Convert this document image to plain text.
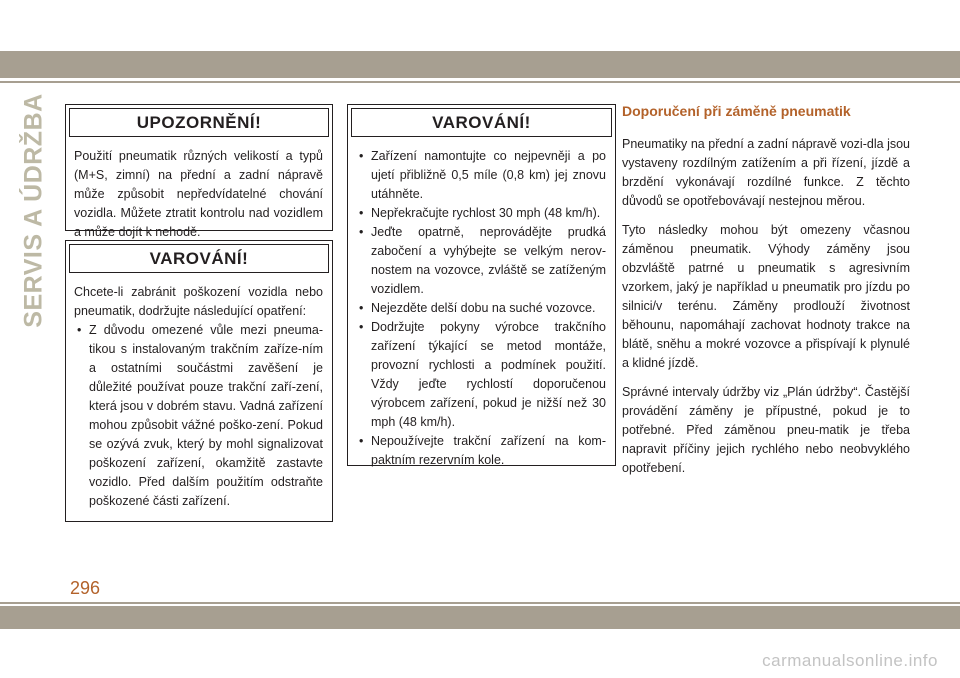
SERVIS A ÚDRŽBA	UPOZORNĚNÍ!

Použití pneumatik různých velikostí a typů (M+S, zimní) na přední a zadní nápravě může způsobit nepředvídatelné chování vozidla. Můžete ztratit kontrolu nad vozidlem a může dojít k nehodě.

VAROVÁNÍ!

Chcete-li zabránit poškození vozidla nebo pneumatik, dodržujte následující opatření:

• Z důvodu omezené vůle mezi pneuma-tikou s instalovaným trakčním zaříze-ním a ostatními součástmi zavěšení je důležité používat pouze trakční zaří-zení, která jsou v dobrém stavu. Vadná zařízení mohou způsobit vážné poško-zení. Pokud se ozývá zvuk, který by mohl signalizovat poškození zařízení, okamžitě zastavte vozidlo. Před dalším použitím odstraňte poškozené části zařízení.
VAROVÁNÍ!
• Zařízení namontujte co nejpevněji a po ujetí přibližně 0,5 míle (0,8 km) jej znovu utáhněte.
• Nepřekračujte rychlost 30 mph (48 km/h).
• Jeďte opatrně, neprovádějte prudká zabočení a vyhýbejte se velkým nerov-nostem na vozovce, zvláště se zatíženým vozidlem.
• Nejezděte delší dobu na suché vozovce.
• Dodržujte pokyny výrobce trakčního zařízení týkající se metod montáže, provozní rychlosti a podmínek použití. Vždy jeďte rychlostí doporučenou výrobcem zařízení, pokud je nižší než 30 mph (48 km/h).
• Nepoužívejte trakční zařízení na kom-paktním rezervním kole.
Doporučení při záměně pneumatik

Pneumatiky na přední a zadní nápravě vozi-dla jsou vystaveny rozdílným zatížením a při řízení, jízdě a brzdění vykonávají rozdílné funkce. Z těchto důvodů se opotřebovávají nestejnou měrou.

Tyto následky mohou být omezeny včasnou záměnou pneumatik. Výhody záměny jsou obzvláště patrné u pneumatik s agresivním vzorkem, jaký je například u pneumatik pro jízdu po silnici/v terénu. Záměny prodlouží životnost běhounu, napomáhají zachovat hodnoty trakce na blátě, sněhu a mokré vozovce a přispívají k plynulé a klidné jízdě.

Správné intervaly údržby viz „Plán údržby“. Častější provádění záměny je přípustné, pokud je to potřebné. Před záměnou pneu-matik je třeba napravit příčiny jejich rychlého nebo neobvyklého opotřebení.

296
carmanualsonline.info
